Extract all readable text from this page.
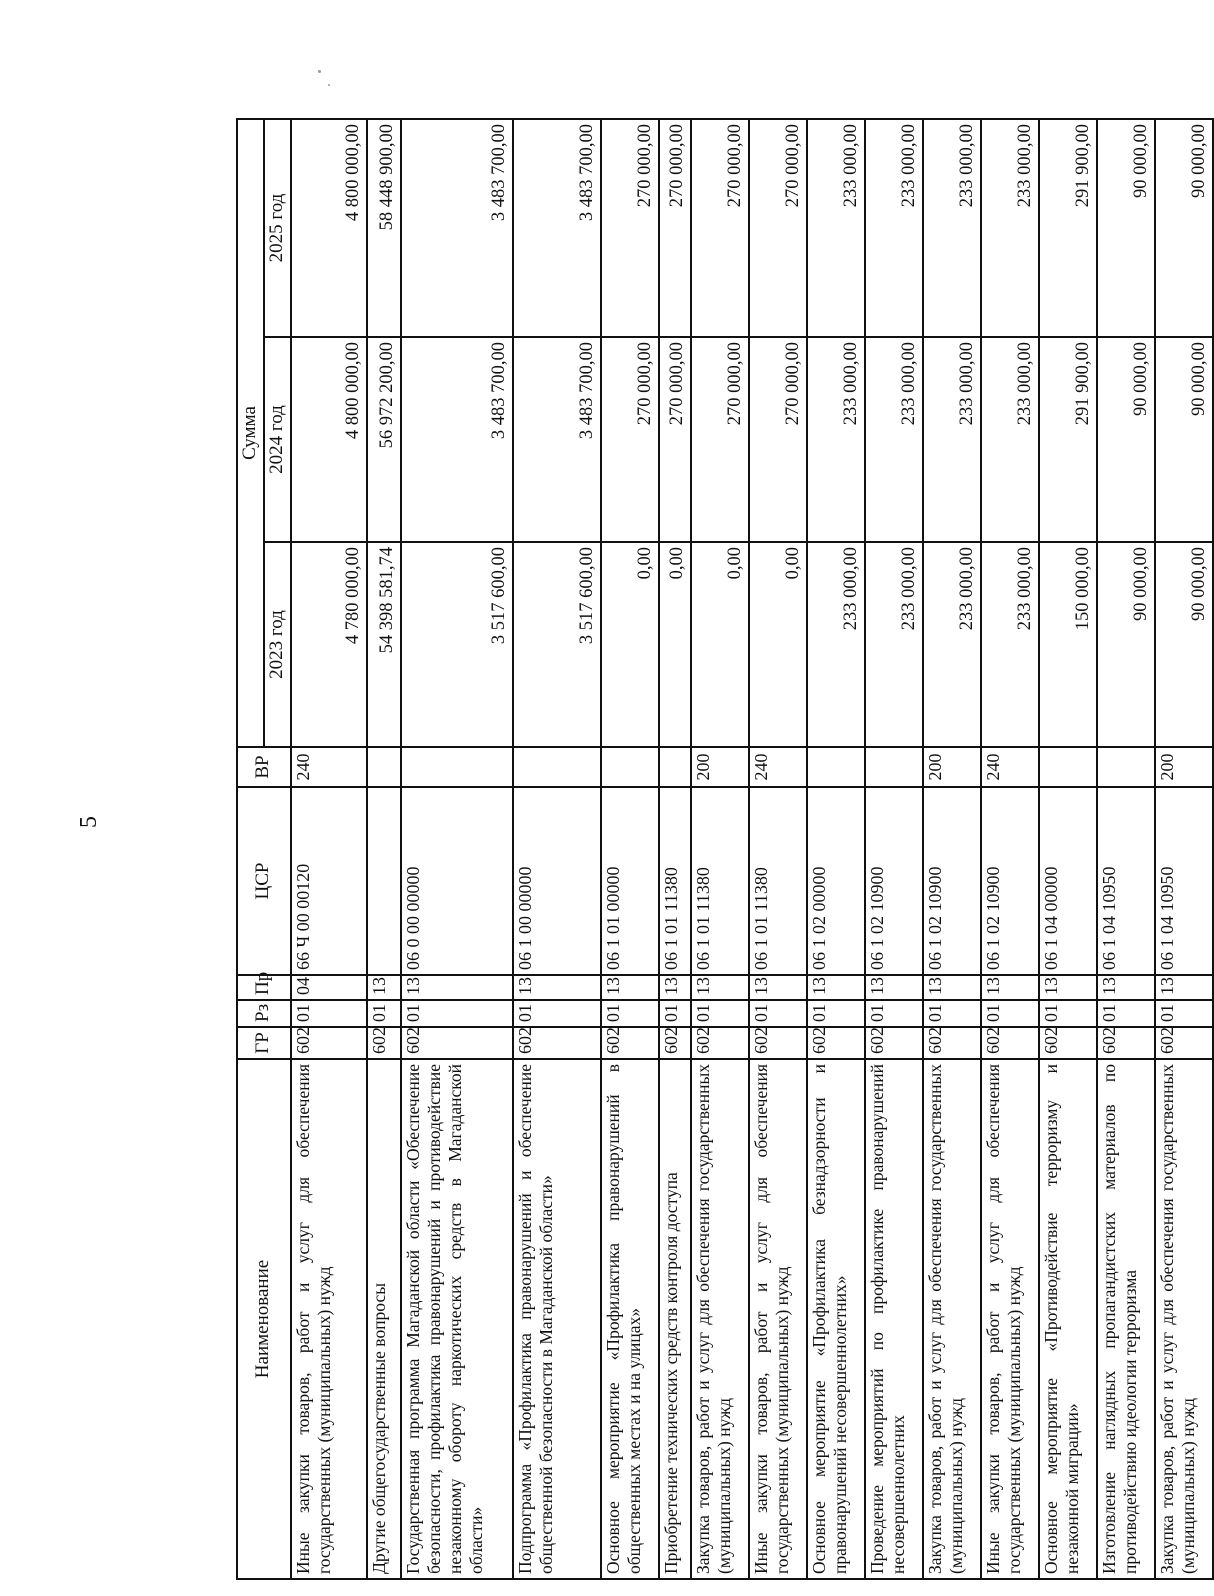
5
Наименование	ГР	Рз	Пр	ЦСР	ВР	Сумма		
						2023 год	2024 год	2025 год
Иные закупки товаров, работ и услуг для обеспечения государственных (муниципальных) нужд	602	01	04	66 Ч 00 00120	240	4 780 000,00	4 800 000,00	4 800 000,00
Другие общегосударственные вопросы	602	01	13			54 398 581,74	56 972 200,00	58 448 900,00
Государственная программа Магаданской области «Обеспечение безопасности, профилактика правонарушений и противодействие незаконному обороту наркотических средств в Магаданской области»	602	01	13	06 0 00 00000		3 517 600,00	3 483 700,00	3 483 700,00
Подпрограмма «Профилактика правонарушений и обеспечение общественной безопасности в Магаданской области»	602	01	13	06 1 00 00000		3 517 600,00	3 483 700,00	3 483 700,00
Основное мероприятие «Профилактика правонарушений в общественных местах и на улицах»	602	01	13	06 1 01 00000		0,00	270 000,00	270 000,00
Приобретение технических средств контроля доступа	602	01	13	06 1 01 11380		0,00	270 000,00	270 000,00
Закупка товаров, работ и услуг для обеспечения государственных (муниципальных) нужд	602	01	13	06 1 01 11380	200	0,00	270 000,00	270 000,00
Иные закупки товаров, работ и услуг для обеспечения государственных (муниципальных) нужд	602	01	13	06 1 01 11380	240	0,00	270 000,00	270 000,00
Основное мероприятие «Профилактика безнадзорности и правонарушений несовершеннолетних»	602	01	13	06 1 02 00000		233 000,00	233 000,00	233 000,00
Проведение мероприятий по профилактике правонарушений несовершеннолетних	602	01	13	06 1 02 10900		233 000,00	233 000,00	233 000,00
Закупка товаров, работ и услуг для обеспечения государственных (муниципальных) нужд	602	01	13	06 1 02 10900	200	233 000,00	233 000,00	233 000,00
Иные закупки товаров, работ и услуг для обеспечения государственных (муниципальных) нужд	602	01	13	06 1 02 10900	240	233 000,00	233 000,00	233 000,00
Основное мероприятие «Противодействие терроризму и незаконной миграции»	602	01	13	06 1 04 00000		150 000,00	291 900,00	291 900,00
Изготовление наглядных пропагандистских материалов по противодействию идеологии терроризма	602	01	13	06 1 04 10950		90 000,00	90 000,00	90 000,00
Закупка товаров, работ и услуг для обеспечения государственных (муниципальных) нужд	602	01	13	06 1 04 10950	200	90 000,00	90 000,00	90 000,00
